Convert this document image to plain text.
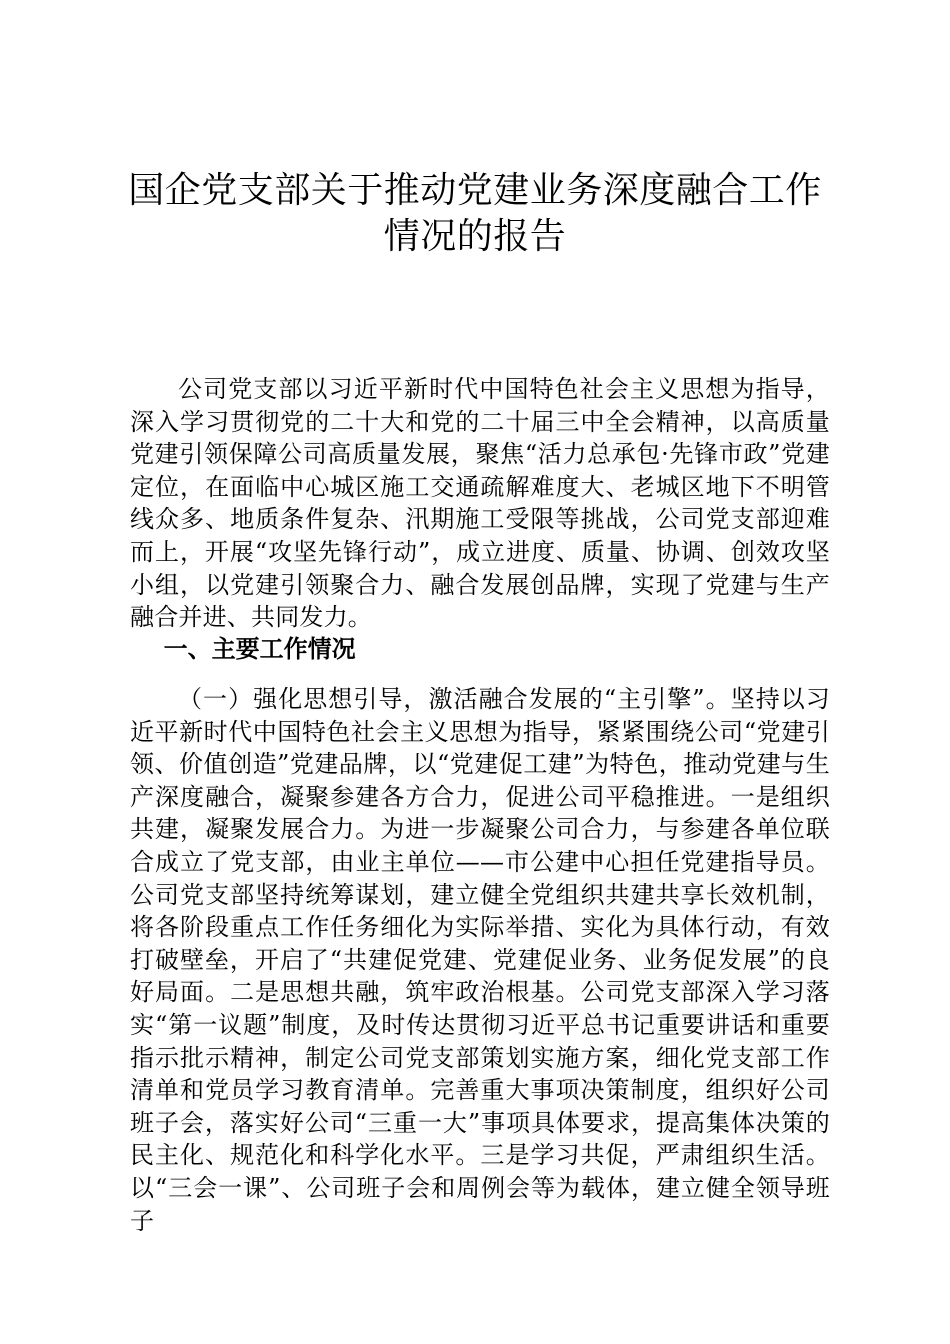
国企党支部关于推动党建业务深度融合工作情况的报告

公司党支部以习近平新时代中国特色社会主义思想为指导，深入学习贯彻党的二十大和党的二十届三中全会精神，以高质量党建引领保障公司高质量发展，聚焦“活力总承包·先锋市政”党建定位，在面临中心城区施工交通疏解难度大、老城区地下不明管线众多、地质条件复杂、汛期施工受限等挑战，公司党支部迎难而上，开展“攻坚先锋行动”，成立进度、质量、协调、创效攻坚小组，以党建引领聚合力、融合发展创品牌，实现了党建与生产融合并进、共同发力。

一、主要工作情况

（一）强化思想引导，激活融合发展的“主引擎”。坚持以习近平新时代中国特色社会主义思想为指导，紧紧围绕公司“党建引领、价值创造”党建品牌，以“党建促工建”为特色，推动党建与生产深度融合，凝聚参建各方合力，促进公司平稳推进。一是组织共建，凝聚发展合力。为进一步凝聚公司合力，与参建各单位联合成立了党支部，由业主单位——市公建中心担任党建指导员。公司党支部坚持统筹谋划，建立健全党组织共建共享长效机制，将各阶段重点工作任务细化为实际举措、实化为具体行动，有效打破壁垒，开启了“共建促党建、党建促业务、业务促发展”的良好局面。二是思想共融，筑牢政治根基。公司党支部深入学习落实“第一议题”制度，及时传达贯彻习近平总书记重要讲话和重要指示批示精神，制定公司党支部策划实施方案，细化党支部工作清单和党员学习教育清单。完善重大事项决策制度，组织好公司班子会，落实好公司“三重一大”事项具体要求，提高集体决策的民主化、规范化和科学化水平。三是学习共促，严肃组织生活。以“三会一课”、公司班子会和周例会等为载体，建立健全领导班子
